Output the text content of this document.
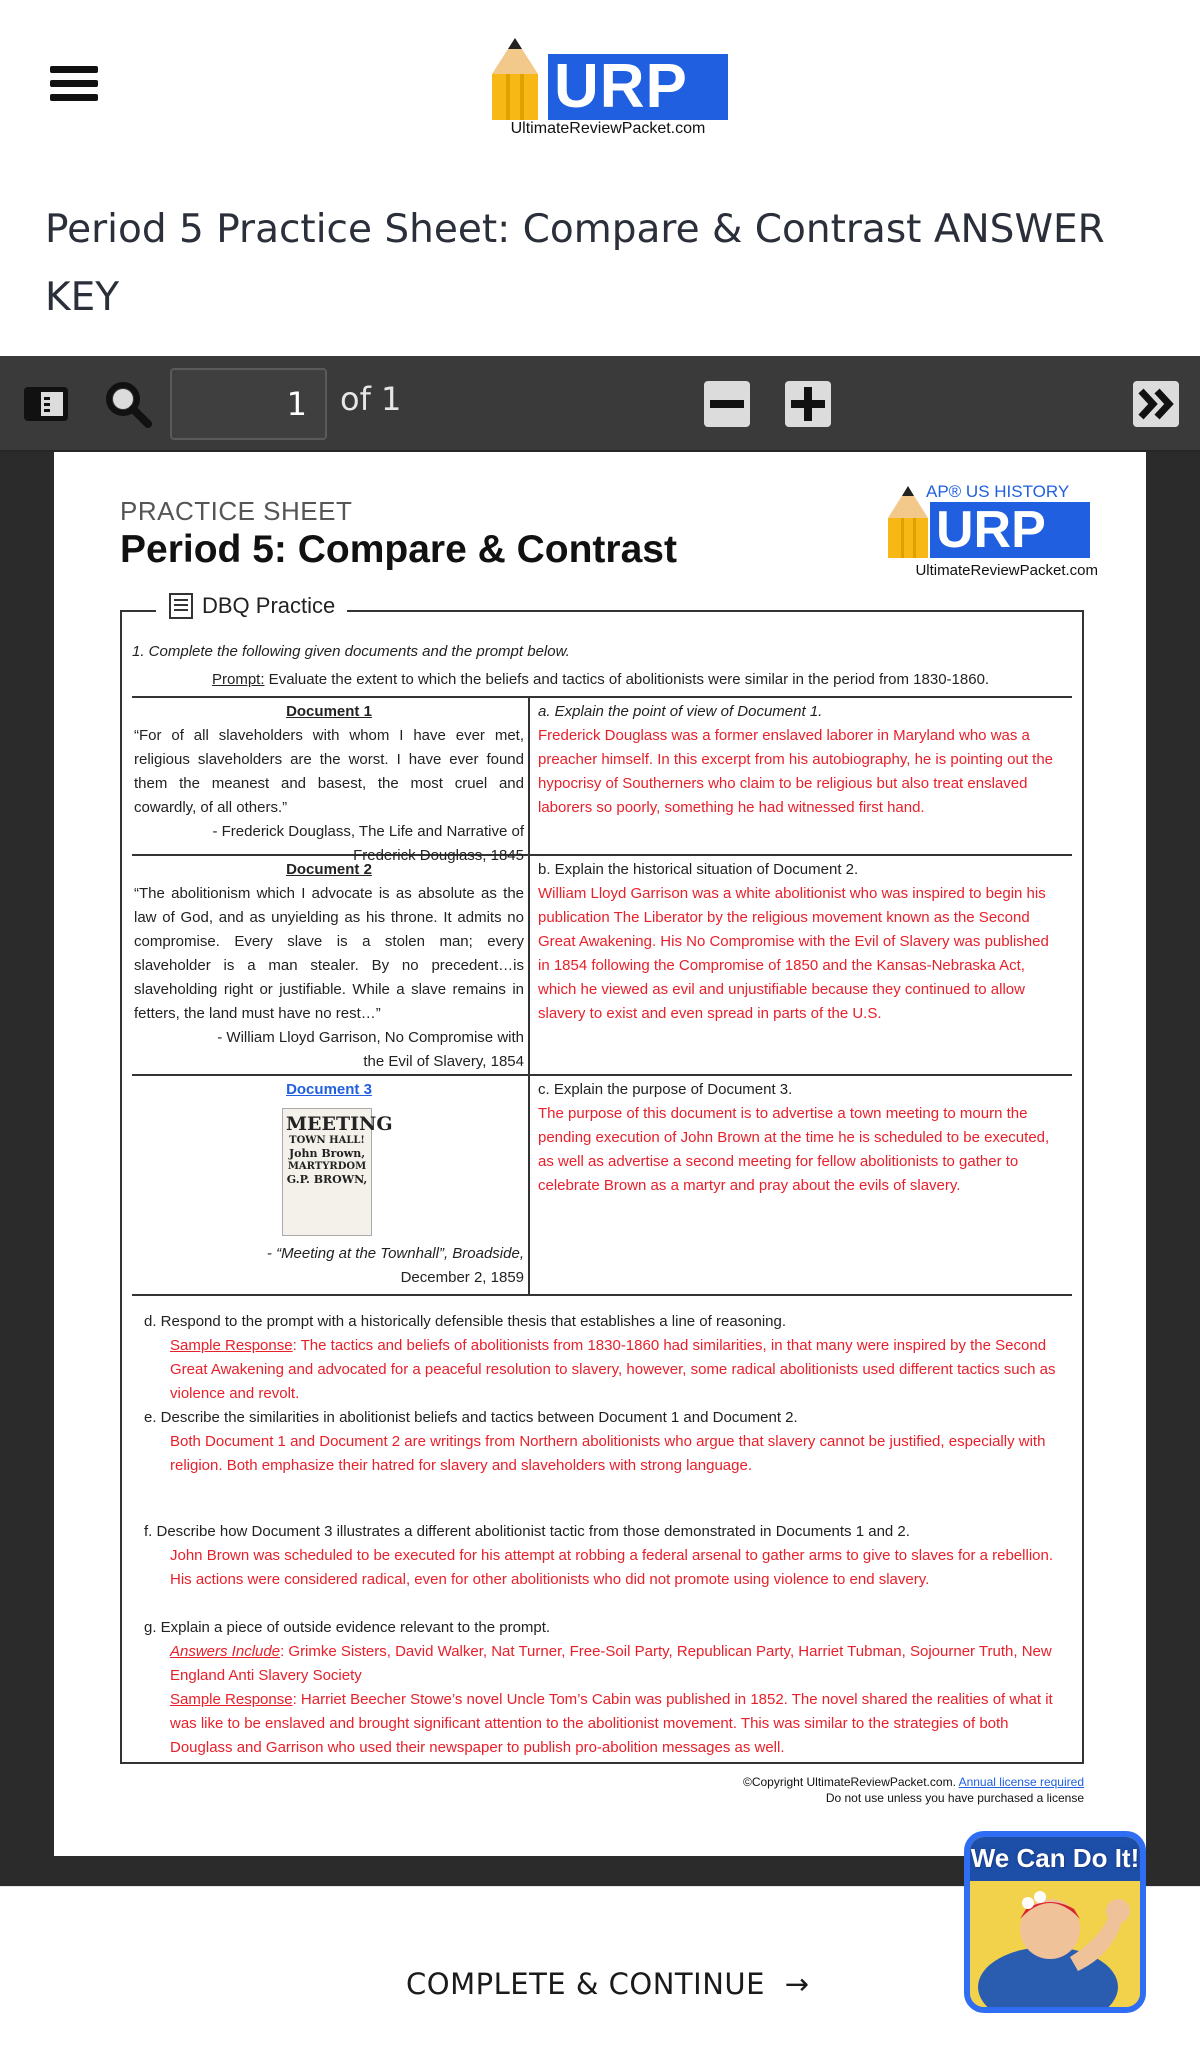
URP
UltimateReviewPacket.com
Period 5 Practice Sheet: Compare & Contrast ANSWER KEY
1
of 1
PRACTICE SHEET
Period 5: Compare & Contrast
AP® US HISTORY
URP
UltimateReviewPacket.com
DBQ Practice
1. Complete the following given documents and the prompt below.
Prompt: Evaluate the extent to which the beliefs and tactics of abolitionists were similar in the period from 1830-1860.
Document 1
“For of all slaveholders with whom I have ever met, religious slaveholders are the worst. I have ever found them the meanest and basest, the most cruel and cowardly, of all others.”
- Frederick Douglass, The Life and Narrative of
Frederick Douglass, 1845
a. Explain the point of view of Document 1.
Frederick Douglass was a former enslaved laborer in Maryland who was a preacher himself. In this excerpt from his autobiography, he is pointing out the hypocrisy of Southerners who claim to be religious but also treat enslaved laborers so poorly, something he had witnessed first hand.
Document 2
“The abolitionism which I advocate is as absolute as the law of God, and as unyielding as his throne. It admits no compromise. Every slave is a stolen man; every slaveholder is a man stealer. By no precedent…is slaveholding right or justifiable. While a slave remains in fetters, the land must have no rest…”
- William Lloyd Garrison, No Compromise with
the Evil of Slavery, 1854
b. Explain the historical situation of Document 2.
William Lloyd Garrison was a white abolitionist who was inspired to begin his publication The Liberator by the religious movement known as the Second Great Awakening. His No Compromise with the Evil of Slavery was published in 1854 following the Compromise of 1850 and the Kansas-Nebraska Act, which he viewed as evil and unjustifiable because they continued to allow slavery to exist and even spread in parts of the U.S.
Document 3
MEETING
TOWN HALL!
John Brown,
MARTYRDOM
G.P. BROWN,
- “Meeting at the Townhall”, Broadside,
December 2, 1859
c. Explain the purpose of Document 3.
The purpose of this document is to advertise a town meeting to mourn the pending execution of John Brown at the time he is scheduled to be executed, as well as advertise a second meeting for fellow abolitionists to gather to celebrate Brown as a martyr and pray about the evils of slavery.
d. Respond to the prompt with a historically defensible thesis that establishes a line of reasoning.
Sample Response: The tactics and beliefs of abolitionists from 1830-1860 had similarities, in that many were inspired by the Second Great Awakening and advocated for a peaceful resolution to slavery, however, some radical abolitionists used different tactics such as violence and revolt.
e. Describe the similarities in abolitionist beliefs and tactics between Document 1 and Document 2.
Both Document 1 and Document 2 are writings from Northern abolitionists who argue that slavery cannot be justified, especially with religion. Both emphasize their hatred for slavery and slaveholders with strong language.
f. Describe how Document 3 illustrates a different abolitionist tactic from those demonstrated in Documents 1 and 2.
John Brown was scheduled to be executed for his attempt at robbing a federal arsenal to gather arms to give to slaves for a rebellion. His actions were considered radical, even for other abolitionists who did not promote using violence to end slavery.
g. Explain a piece of outside evidence relevant to the prompt.
Answers Include: Grimke Sisters, David Walker, Nat Turner, Free-Soil Party, Republican Party, Harriet Tubman, Sojourner Truth, New England Anti Slavery Society
Sample Response: Harriet Beecher Stowe’s novel Uncle Tom’s Cabin was published in 1852. The novel shared the realities of what it was like to be enslaved and brought significant attention to the abolitionist movement. This was similar to the strategies of both Douglass and Garrison who used their newspaper to publish pro-abolition messages as well.
©Copyright UltimateReviewPacket.com. Annual license required
Do not use unless you have purchased a license
COMPLETE & CONTINUE →
We Can Do It!
